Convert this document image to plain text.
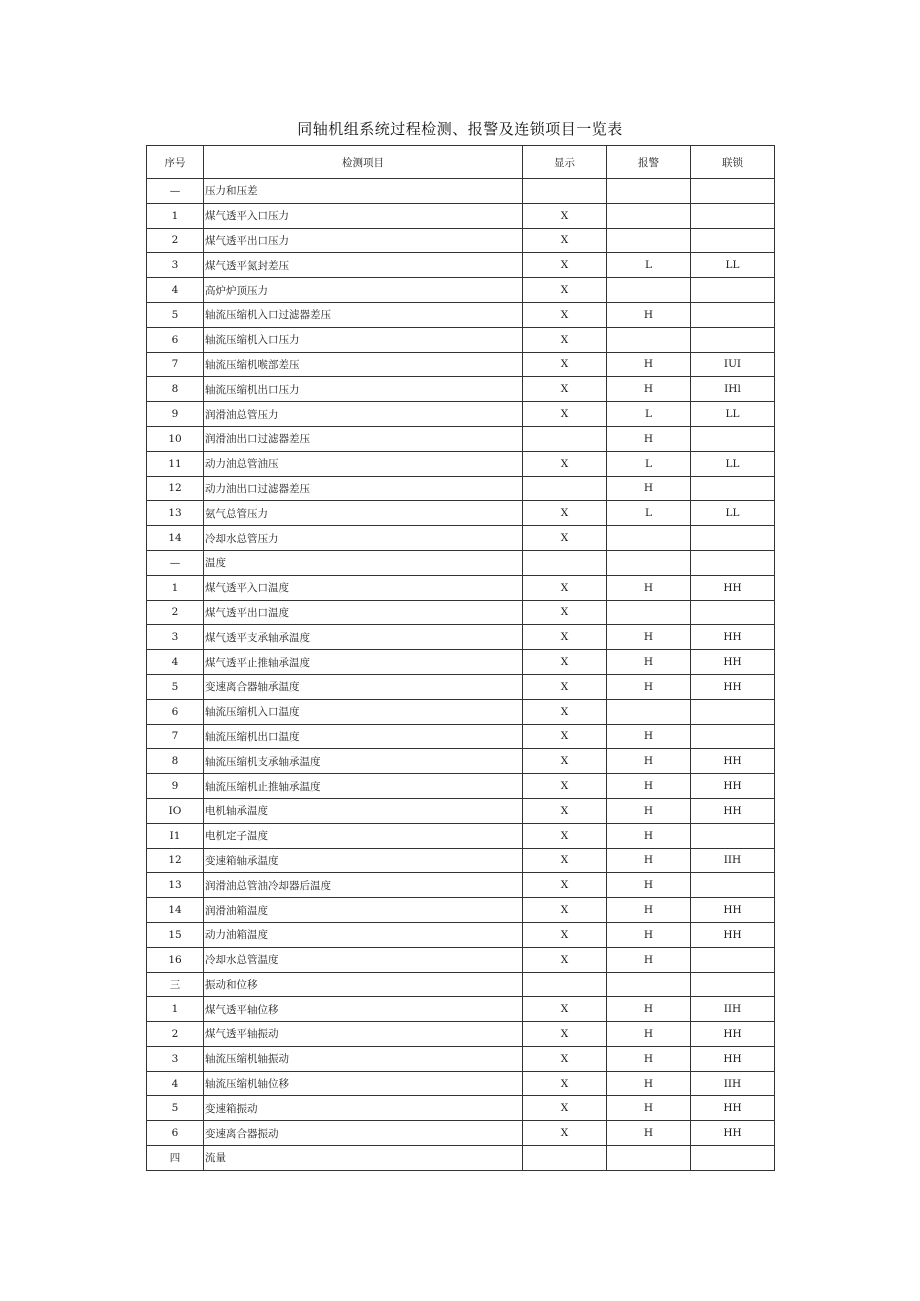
同轴机组系统过程检测、报警及连锁项目一览表
序号	检测项目	显示	报警	联锁
—	压力和压差			
1	煤气透平入口压力	X		
2	煤气透平出口压力	X		
3	煤气透平氮封差压	X	L	LL
4	高炉炉顶压力	X		
5	轴流压缩机入口过滤器差压	X	H	
6	轴流压缩机入口压力	X		
7	轴流压缩机喉部差压	X	H	IUI
8	轴流压缩机出口压力	X	H	IHl
9	润滑油总管压力	X	L	LL
10	润滑油出口过滤器差压		H	
11	动力油总管油压	X	L	LL
12	动力油出口过滤器差压		H	
13	氨气总管压力	X	L	LL
14	冷却水总管压力	X		
—	温度			
1	煤气透平入口温度	X	H	HH
2	煤气透平出口温度	X		
3	煤气透平支承轴承温度	X	H	HH
4	煤气透平止推轴承温度	X	H	HH
5	变速离合器轴承温度	X	H	HH
6	轴流压缩机入口温度	X		
7	轴流压缩机出口温度	X	H	
8	轴流压缩机支承轴承温度	X	H	HH
9	轴流压缩机止推轴承温度	X	H	HH
IO	电机轴承温度	X	H	HH
I1	电机定子温度	X	H	
12	变速箱轴承温度	X	H	IIH
13	润滑油总管油冷却器后温度	X	H	
14	润滑油箱温度	X	H	HH
15	动力油箱温度	X	H	HH
16	冷却水总管温度	X	H	
三	振动和位移			
1	煤气透平轴位移	X	H	IIH
2	煤气透平轴振动	X	H	HH
3	轴流压缩机轴振动	X	H	HH
4	轴流压缩机轴位移	X	H	IIH
5	变速箱振动	X	H	HH
6	变速离合器振动	X	H	HH
四	流量			
